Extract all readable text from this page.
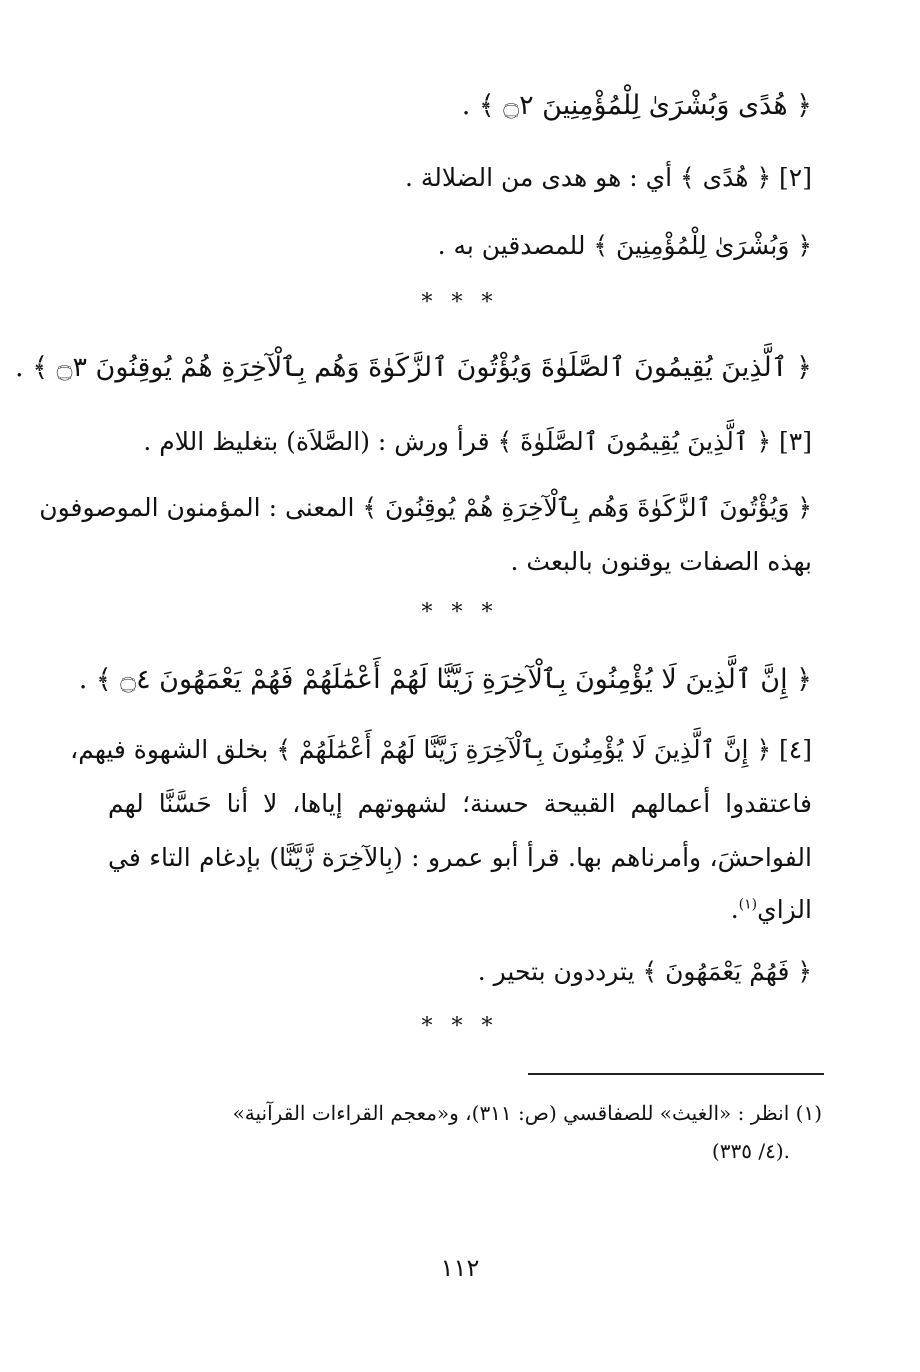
﴿ هُدًى وَبُشْرَىٰ لِلْمُؤْمِنِينَ ۝٢ ﴾ .
[٢] ﴿ هُدًى ﴾ أي : هو هدى من الضلالة .
﴿ وَبُشْرَىٰ لِلْمُؤْمِنِينَ ﴾ للمصدقين به .
* * *
﴿ ٱلَّذِينَ يُقِيمُونَ ٱلصَّلَوٰةَ وَيُؤْتُونَ ٱلزَّكَوٰةَ وَهُم بِٱلْآخِرَةِ هُمْ يُوقِنُونَ ۝٣ ﴾ .
[٣] ﴿ ٱلَّذِينَ يُقِيمُونَ ٱلصَّلَوٰةَ ﴾ قرأ ورش : (الصَّلاَة) بتغليظ اللام .
﴿ وَيُؤْتُونَ ٱلزَّكَوٰةَ وَهُم بِٱلْآخِرَةِ هُمْ يُوقِنُونَ ﴾ المعنى : المؤمنون الموصوفون
بهذه الصفات يوقنون بالبعث .
* * *
﴿ إِنَّ ٱلَّذِينَ لَا يُؤْمِنُونَ بِٱلْآخِرَةِ زَيَّنَّا لَهُمْ أَعْمَٰلَهُمْ فَهُمْ يَعْمَهُونَ ۝٤ ﴾ .
[٤] ﴿ إِنَّ ٱلَّذِينَ لَا يُؤْمِنُونَ بِٱلْآخِرَةِ زَيَّنَّا لَهُمْ أَعْمَٰلَهُمْ ﴾ بخلق الشهوة فيهم،
فاعتقدوا أعمالهم القبيحة حسنة؛ لشهوتهم إياها، لا أنا حَسَّنَّا لهم
الفواحشَ، وأمرناهم بها. قرأ أبو عمرو : (بِالآخِرَة زَّيَّنَّا) بإدغام التاء في
الزاي$^{(١)}$.
﴿ فَهُمْ يَعْمَهُونَ ﴾ يترددون بتحير .
* * *
(١) انظر : «الغيث» للصفاقسي (ص: ٣١١)، و«معجم القراءات القرآنية»
(٤/ ٣٣٥).
١١٢
